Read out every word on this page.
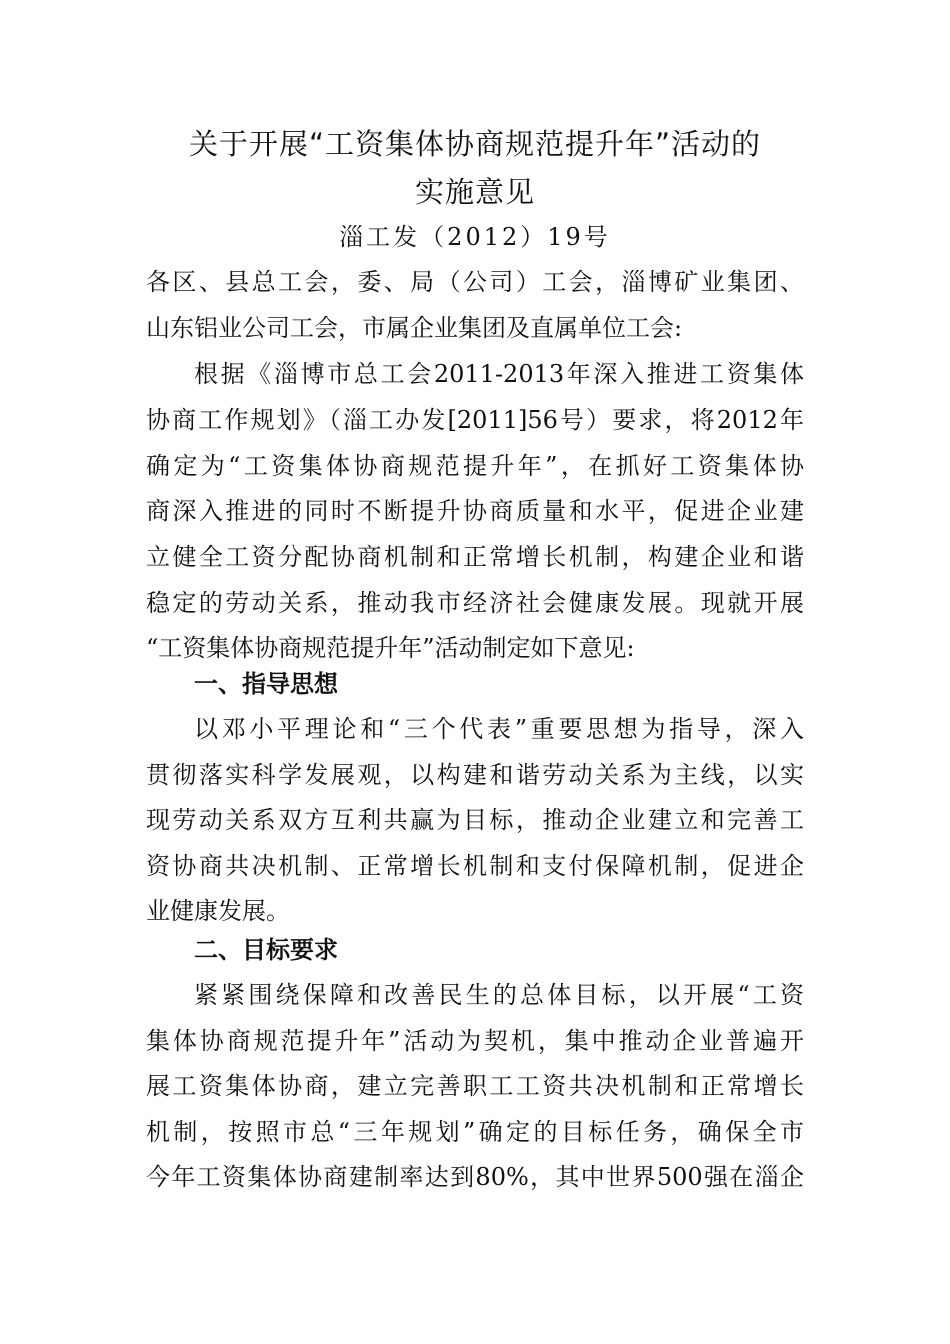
关于开展“工资集体协商规范提升年”活动的
实施意见
淄工发（2012）19号
各区、县总工会，委、局（公司）工会，淄博矿业集团、
山东铝业公司工会，市属企业集团及直属单位工会:
根据《淄博市总工会2011-2013年深入推进工资集体
协商工作规划》（淄工办发[2011]56号）要求，将2012年
确定为“工资集体协商规范提升年”，在抓好工资集体协
商深入推进的同时不断提升协商质量和水平，促进企业建
立健全工资分配协商机制和正常增长机制，构建企业和谐
稳定的劳动关系，推动我市经济社会健康发展。现就开展
“工资集体协商规范提升年”活动制定如下意见:
一、指导思想
以邓小平理论和“三个代表”重要思想为指导，深入
贯彻落实科学发展观，以构建和谐劳动关系为主线，以实
现劳动关系双方互利共赢为目标，推动企业建立和完善工
资协商共决机制、正常增长机制和支付保障机制，促进企
业健康发展。
二、目标要求
紧紧围绕保障和改善民生的总体目标，以开展“工资
集体协商规范提升年”活动为契机，集中推动企业普遍开
展工资集体协商，建立完善职工工资共决机制和正常增长
机制，按照市总“三年规划”确定的目标任务，确保全市
今年工资集体协商建制率达到80%，其中世界500强在淄企
